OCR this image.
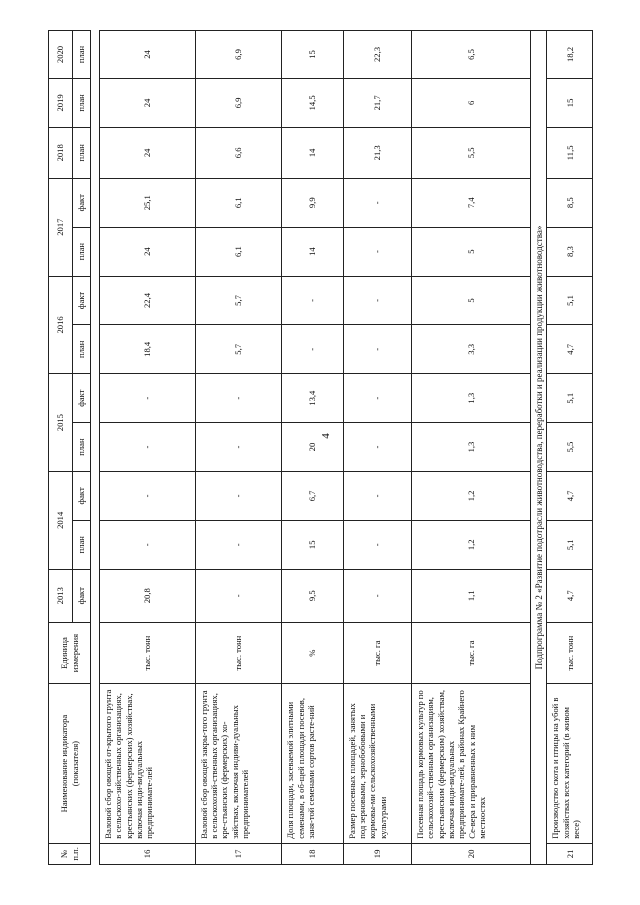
4
№
п.п.	Наименование индикатора
(показателя)	Единица
измерения	2013	2014		2015		2016		2017		2018	2019	2020
			факт	план	факт	план	факт	план	факт	план	факт	план	план	план

16	Валовой сбор овощей от-крытого грунта в сельскохо-зяйственных организациях, крестьянских (фермерских) хозяйствах, включая инди-видуальных предпринимате-лей	тыс. тонн	20,8	-	-	-	-	18,4	22,4	24	25,1	24	24	24
17	Валовой сбор овощей закры-того грунта в сельскохозяй-ственных организациях, кре-стьянских (фермерских) хо-зяйствах, включая индиви-дуальных предпринимателей	тыс. тонн	-	-	-	-	-	5,7	5,7	6,1	6,1	6,6	6,9	6,9
18	Доля площади, засеваемой элитными семенами, в об-щей площади посевов, заня-той семенами сортов расте-ний	%	9,5	15	6,7	20	13,4	-	-	14	9,9	14	14,5	15
19	Размер посевных площадей, занятых под зерновыми, зернобобовыми и кормовы-ми сельскохозяйственными культурами	тыс. га	-	-	-	-	-	-	-	-	-	21,3	21,7	22,3
20	Посевная площадь кормовых культур по сельскохозяй-ственным организациям, крестьянским (фермерским) хозяйствам, включая инди-видуальных предпринимате-лей, в районах Крайнего Се-вера и приравненных к ним местностях	тыс. га	1,1	1,2	1,2	1,3	1,3	3,3	5	5	7,4	5,5	6	6,5
Подпрограмма № 2 «Развитие подотрасли животноводства, переработки и реализации продукции животноводства»														
21	Производство скота и птицы на убой в хозяйствах всех категорий (в живом весе)	тыс. тонн	4,7	5,1	4,7	5,5	5,1	4,7	5,1	8,3	8,5	11,5	15	18,2
